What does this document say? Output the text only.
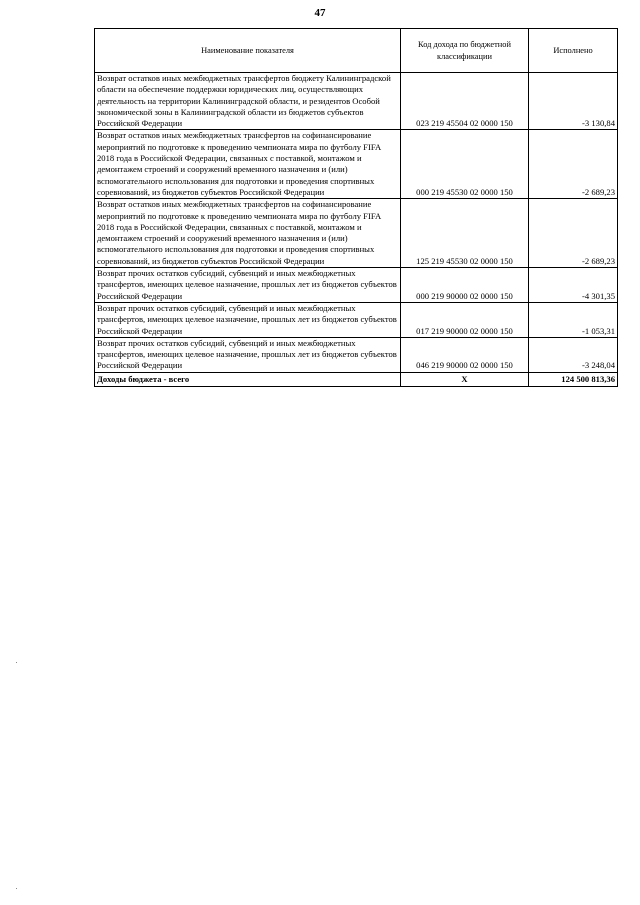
47
Наименование показателя	Код дохода по бюджетной классификации	Исполнено
Возврат остатков иных межбюджетных трансфертов бюджету Калининградской области на обеспечение поддержки юридических лиц, осуществляющих деятельность на территории Калининградской области, и резидентов Особой экономической зоны в Калининградской области из бюджетов субъектов Российской Федерации	023 219 45504 02 0000 150	-3 130,84
Возврат остатков иных межбюджетных трансфертов на софинансирование мероприятий по подготовке к проведению чемпионата мира по футболу FIFA 2018 года в Российской Федерации, связанных с поставкой, монтажом и демонтажем строений и сооружений временного назначения и (или) вспомогательного использования для подготовки и проведения спортивных соревнований, из бюджетов субъектов Российской Федерации	000 219 45530 02 0000 150	-2 689,23
Возврат остатков иных межбюджетных трансфертов на софинансирование мероприятий по подготовке к проведению чемпионата мира по футболу FIFA 2018 года в Российской Федерации, связанных с поставкой, монтажом и демонтажем строений и сооружений временного назначения и (или) вспомогательного использования для подготовки и проведения спортивных соревнований, из бюджетов субъектов Российской Федерации	125 219 45530 02 0000 150	-2 689,23
Возврат прочих остатков субсидий, субвенций и иных межбюджетных трансфертов, имеющих целевое назначение, прошлых лет из бюджетов субъектов Российской Федерации	000 219 90000 02 0000 150	-4 301,35
Возврат прочих остатков субсидий, субвенций и иных межбюджетных трансфертов, имеющих целевое назначение, прошлых лет из бюджетов субъектов Российской Федерации	017 219 90000 02 0000 150	-1 053,31
Возврат прочих остатков субсидий, субвенций и иных межбюджетных трансфертов, имеющих целевое назначение, прошлых лет из бюджетов субъектов Российской Федерации	046 219 90000 02 0000 150	-3 248,04
Доходы бюджета - всего	X	124 500 813,36
